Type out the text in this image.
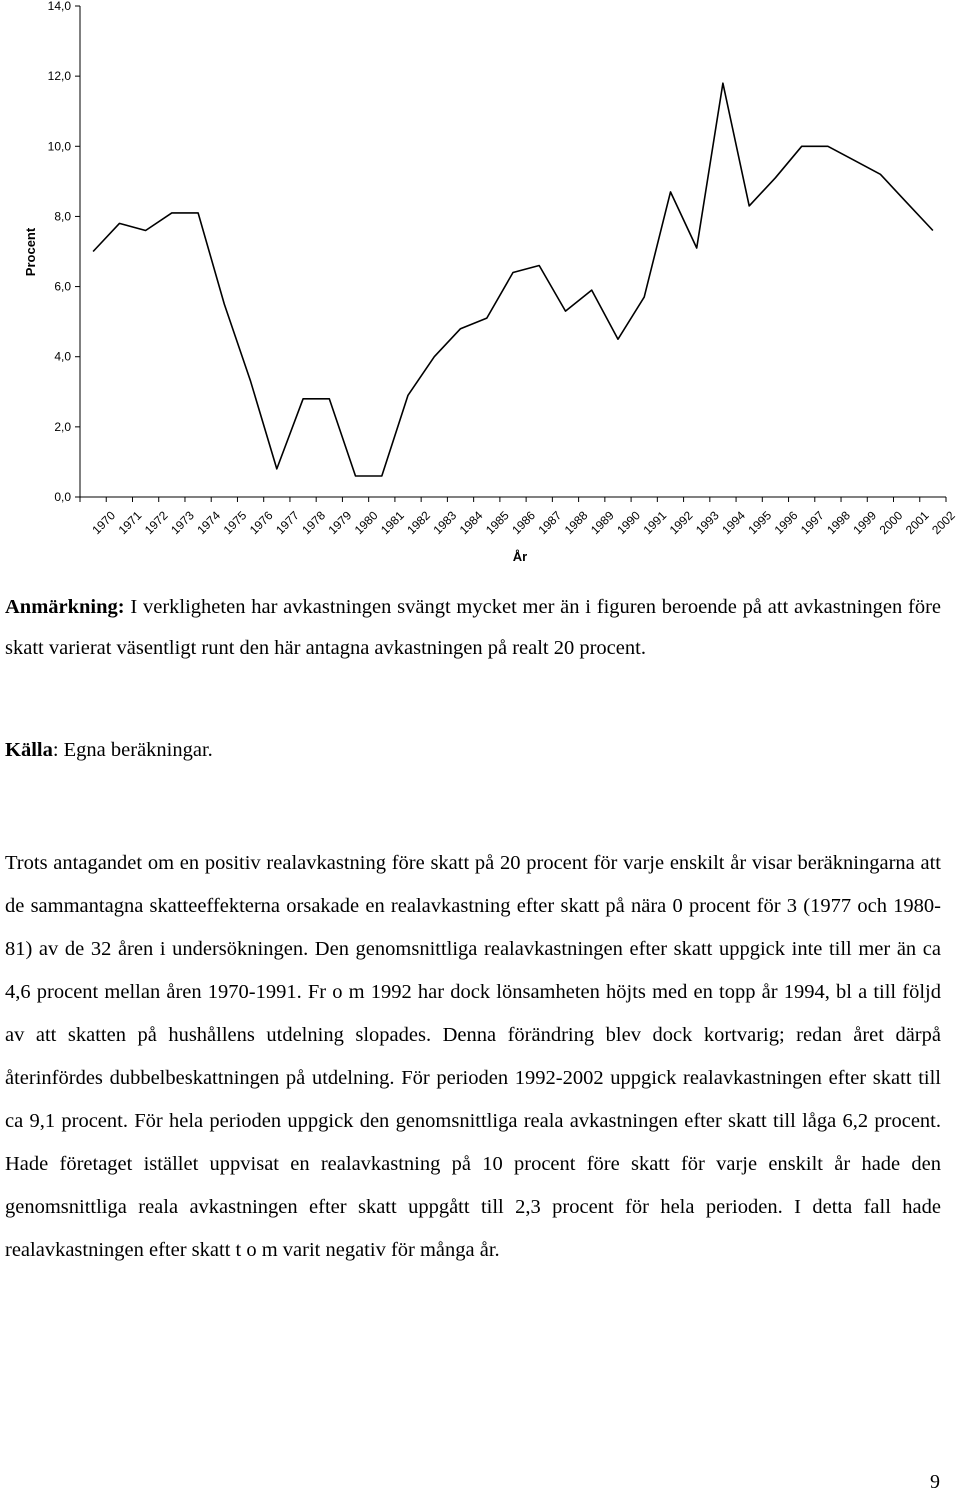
0,0
2,0
4,0
6,0
8,0
10,0
12,0
14,0
1970
1971
1972
1973
1974
1975
1976
1977
1978
1979
1980
1981
1982
1983
1984
1985
1986
1987
1988
1989
1990
1991
1992
1993
1994
1995
1996
1997
1998
1999
2000
2001
2002
Procent
År

Anmärkning: I verkligheten har avkastningen svängt mycket mer än i figuren beroende på att avkastningen före skatt varierat väsentligt runt den här antagna avkastningen på realt 20 procent.

Källa: Egna beräkningar.

Trots antagandet om en positiv realavkastning före skatt på 20 procent för varje enskilt år visar beräkningarna att de sammantagna skatteeffekterna orsakade en realavkastning efter skatt på nära 0 procent för 3 (1977 och 1980-81) av de 32 åren i undersökningen. Den genomsnittliga realavkastningen efter skatt uppgick inte till mer än ca 4,6 procent mellan åren 1970-1991. Fr o m 1992 har dock lönsamheten höjts med en topp år 1994, bl a till följd av att skatten på hushållens utdelning slopades. Denna förändring blev dock kortvarig; redan året därpå återinfördes dubbelbeskattningen på utdelning. För perioden 1992-2002 uppgick realavkastningen efter skatt till ca 9,1 procent. För hela perioden uppgick den genomsnittliga reala avkastningen efter skatt till låga 6,2 procent. Hade företaget istället uppvisat en realavkastning på 10 procent före skatt för varje enskilt år hade den genomsnittliga reala avkastningen efter skatt uppgått till 2,3 procent för hela perioden. I detta fall hade realavkastningen efter skatt t o m varit negativ för många år.

9
